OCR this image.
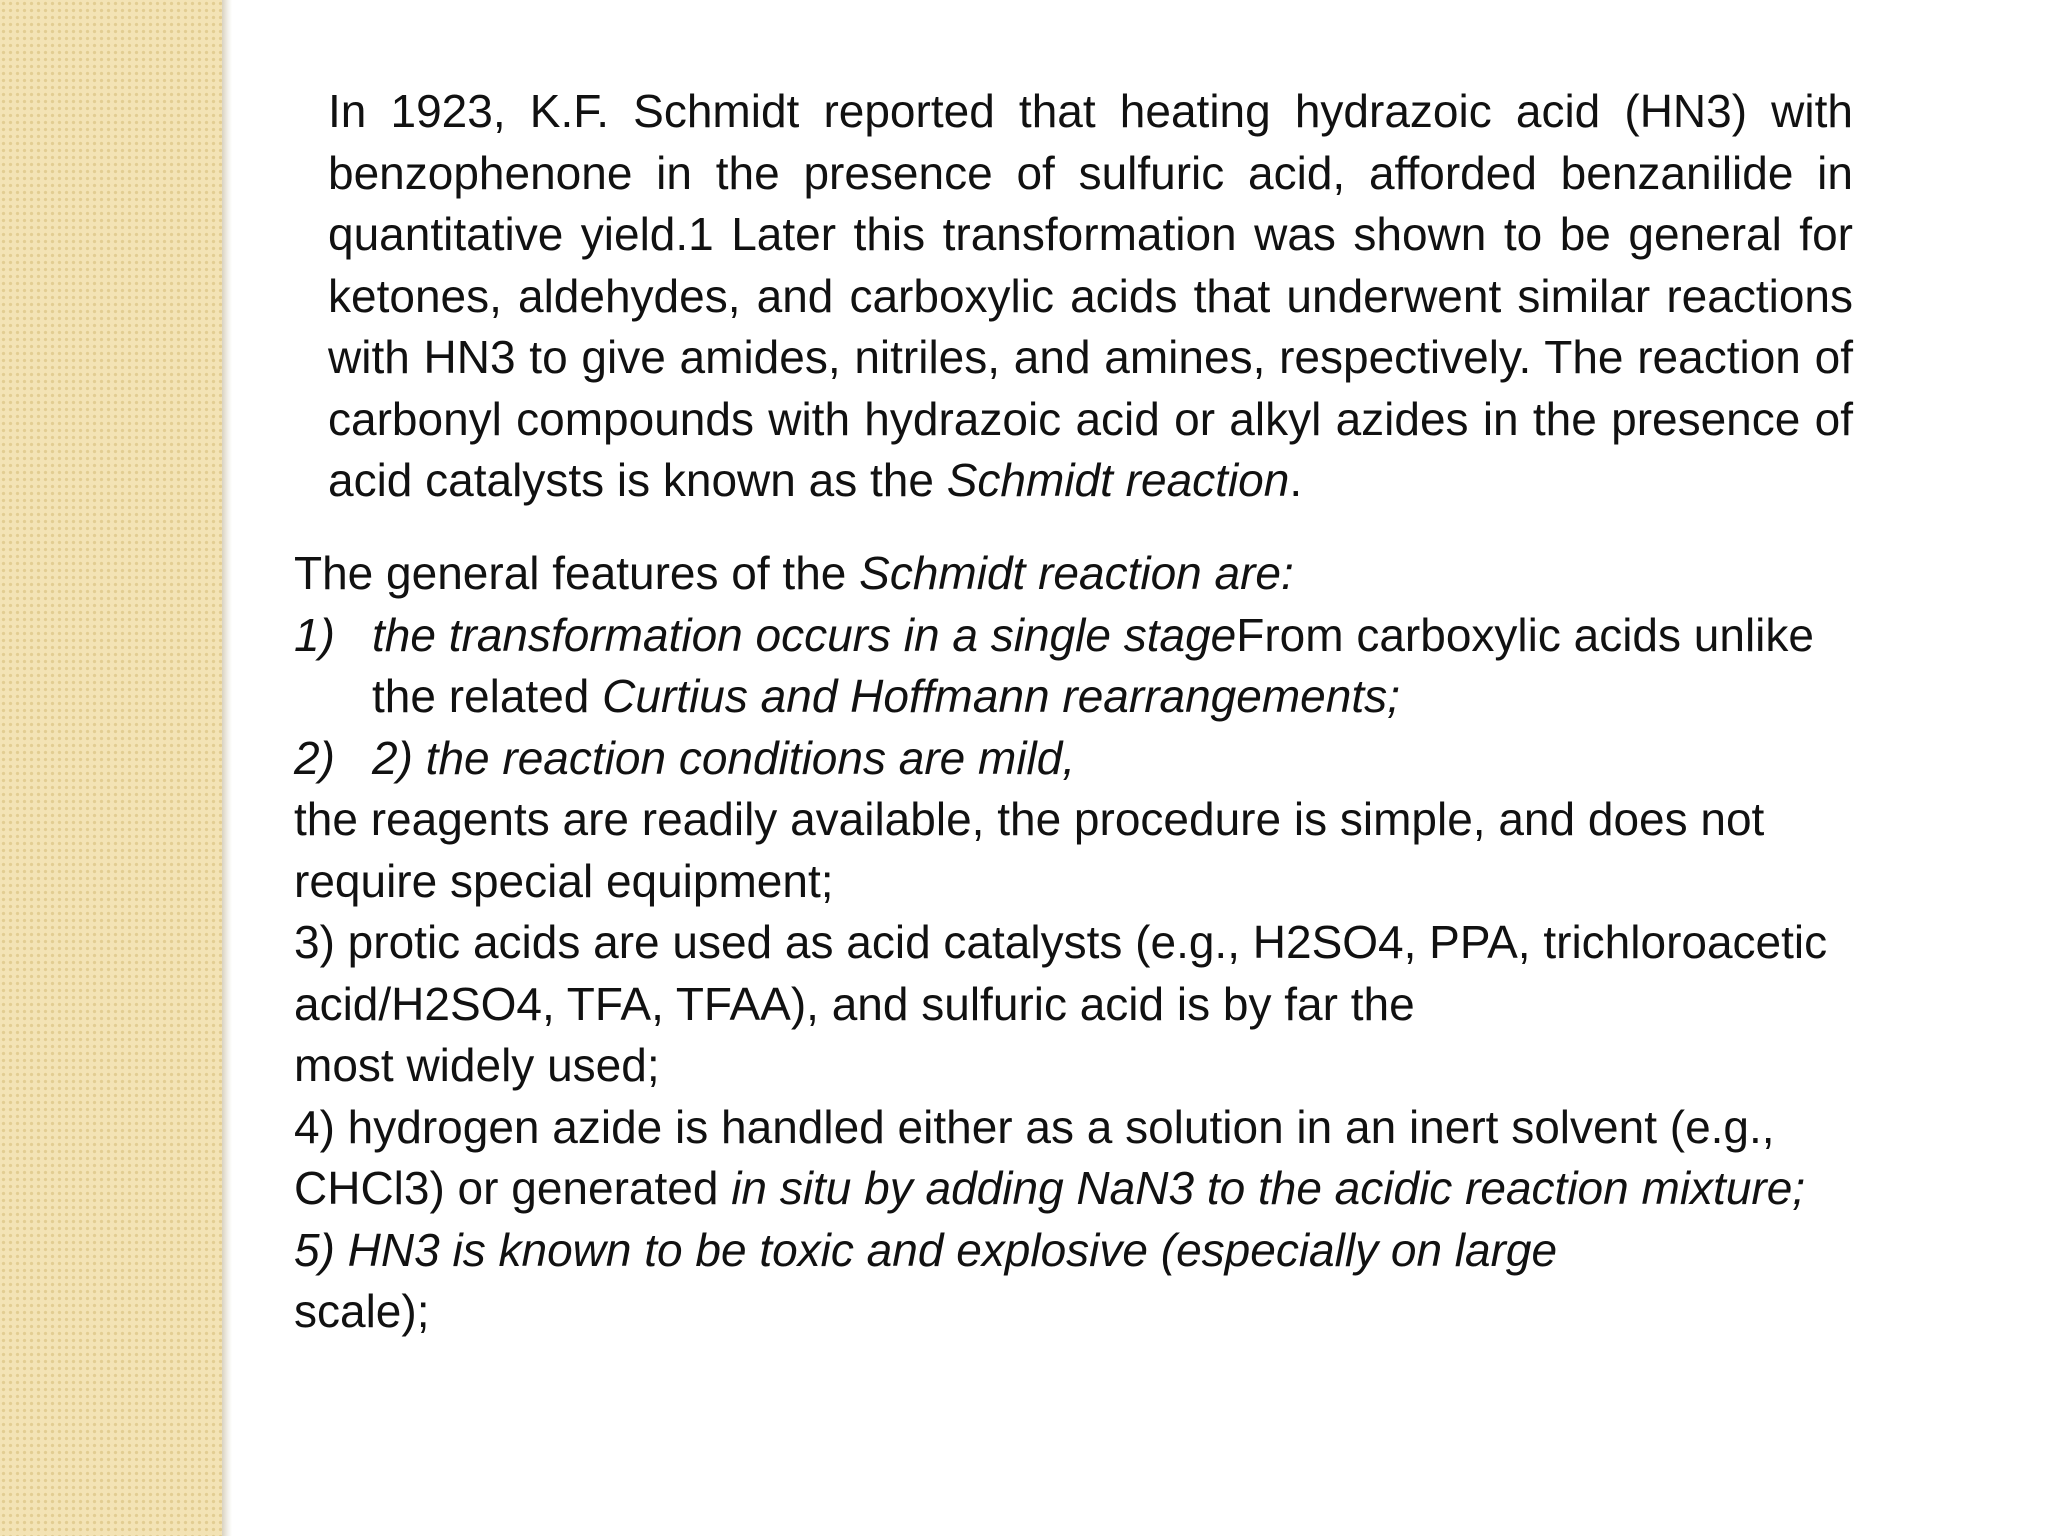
In 1923, K.F. Schmidt reported that heating hydrazoic acid (HN3) with benzophenone in the presence of sulfuric acid, afforded benzanilide in quantitative yield.1 Later this transformation was shown to be general for ketones, aldehydes, and carboxylic acids that underwent similar reactions with HN3 to give amides, nitriles, and amines, respectively. The reaction of carbonyl compounds with hydrazoic acid or alkyl azides in the presence of acid catalysts is known as the Schmidt reaction.

The general features of the Schmidt reaction are:
1) the transformation occurs in a single stageFrom carboxylic acids unlike
the related Curtius and Hoffmann rearrangements;
2) 2) the reaction conditions are mild,
the reagents are readily available, the procedure is simple, and does not
require special equipment;
3) protic acids are used as acid catalysts (e.g., H2SO4, PPA, trichloroacetic
acid/H2SO4, TFA, TFAA), and sulfuric acid is by far the
most widely used;
4) hydrogen azide is handled either as a solution in an inert solvent (e.g.,
CHCl3) or generated in situ by adding NaN3 to the acidic reaction mixture;
5) HN3 is known to be toxic and explosive (especially on large
scale);
